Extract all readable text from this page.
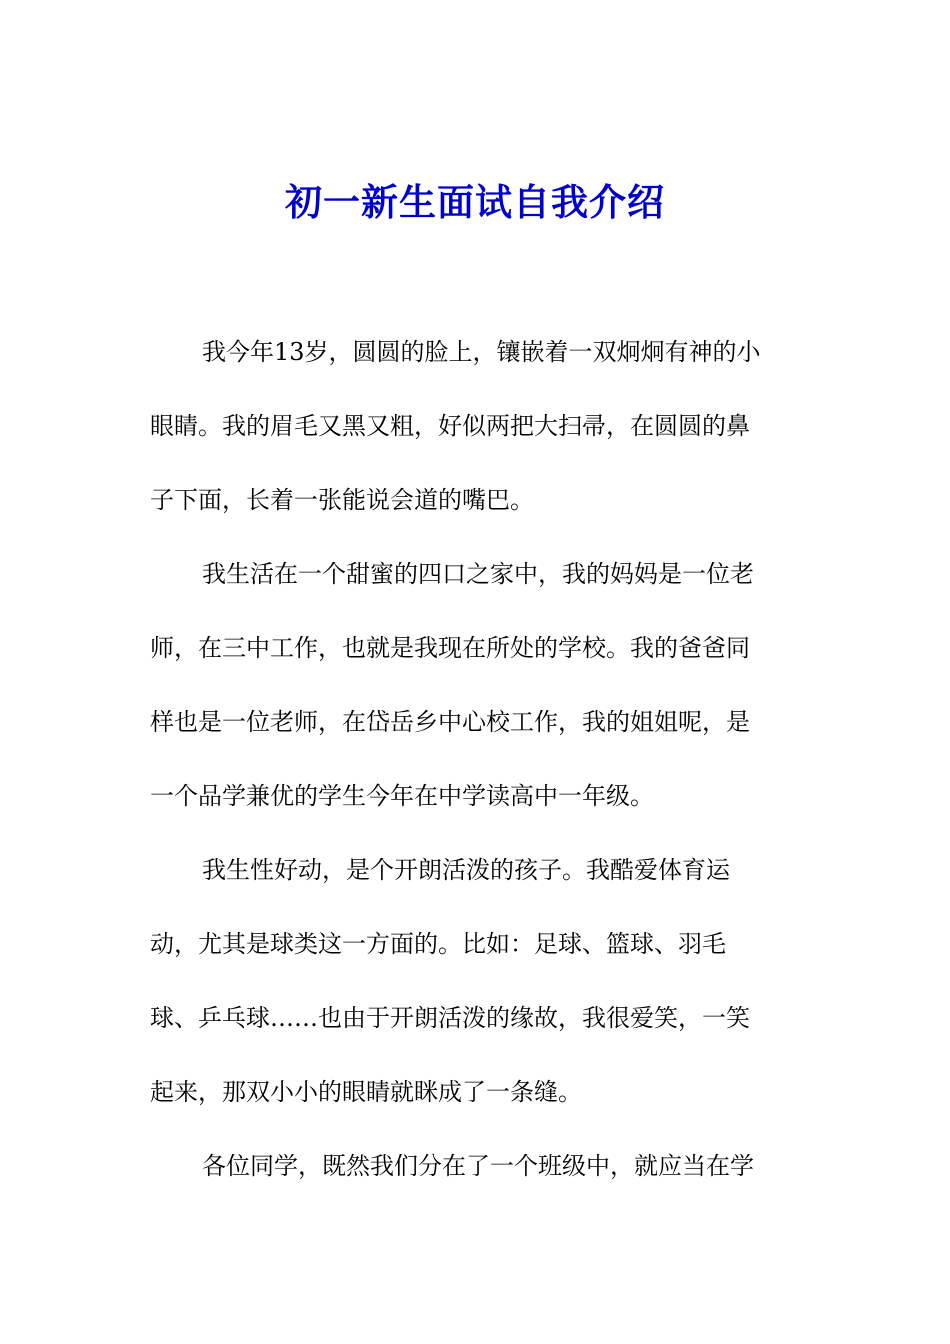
初一新生面试自我介绍

我今年13岁，圆圆的脸上，镶嵌着一双炯炯有神的小
眼睛。我的眉毛又黑又粗，好似两把大扫帚，在圆圆的鼻
子下面，长着一张能说会道的嘴巴。

我生活在一个甜蜜的四口之家中，我的妈妈是一位老
师，在三中工作，也就是我现在所处的学校。我的爸爸同
样也是一位老师，在岱岳乡中心校工作，我的姐姐呢，是
一个品学兼优的学生今年在中学读高中一年级。

我生性好动，是个开朗活泼的孩子。我酷爱体育运
动，尤其是球类这一方面的。比如：足球、篮球、羽毛
球、乒乓球……也由于开朗活泼的缘故，我很爱笑，一笑
起来，那双小小的眼睛就眯成了一条缝。

各位同学，既然我们分在了一个班级中，就应当在学
